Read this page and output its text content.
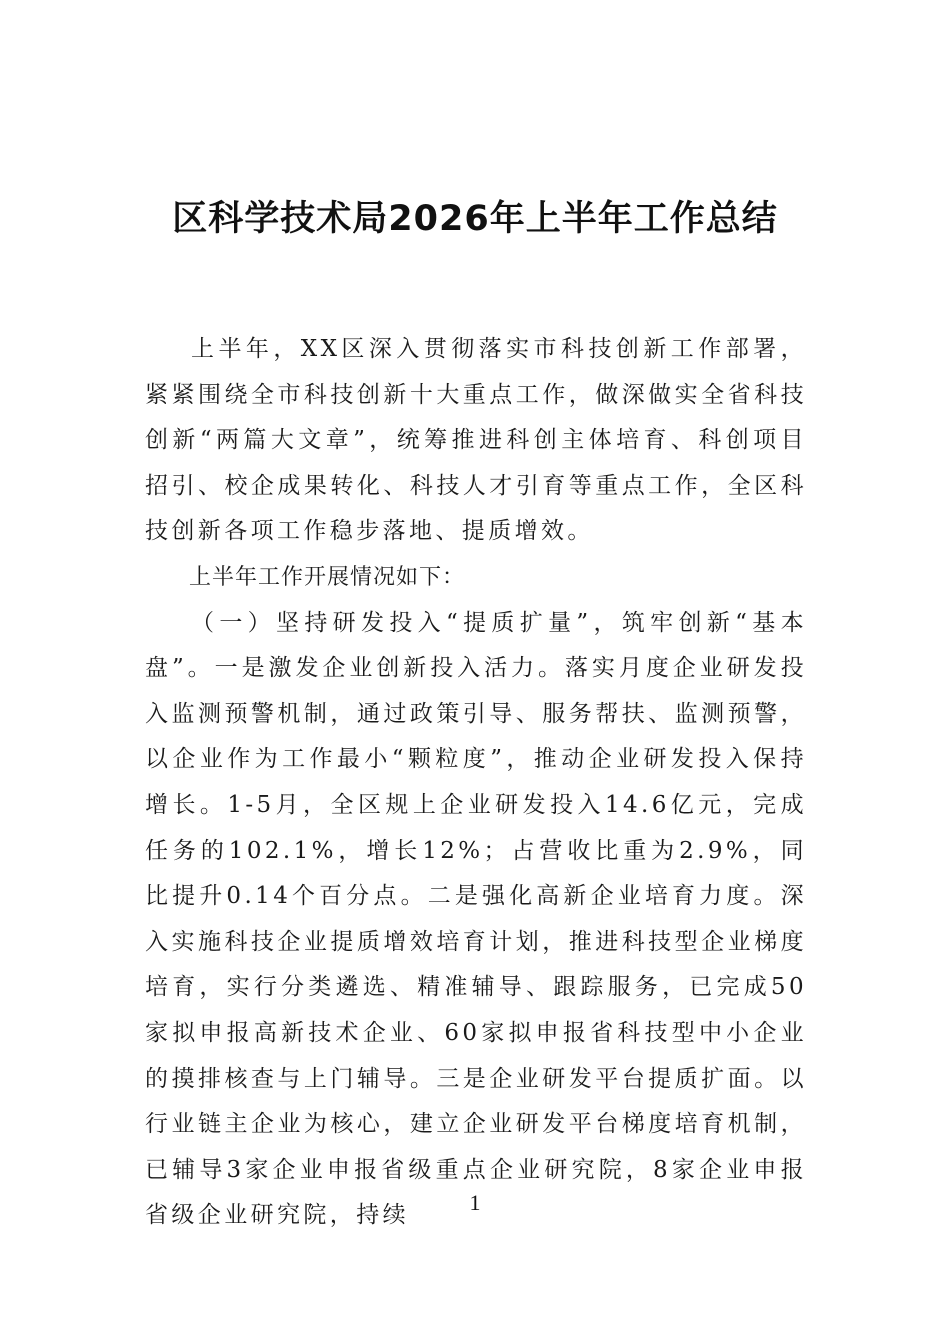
区科学技术局2026年上半年工作总结

上半年，XX区深入贯彻落实市科技创新工作部署，紧紧围绕全市科技创新十大重点工作，做深做实全省科技创新“两篇大文章”，统筹推进科创主体培育、科创项目招引、校企成果转化、科技人才引育等重点工作，全区科技创新各项工作稳步落地、提质增效。

上半年工作开展情况如下：

（一）坚持研发投入“提质扩量”，筑牢创新“基本盘”。一是激发企业创新投入活力。落实月度企业研发投入监测预警机制，通过政策引导、服务帮扶、监测预警，以企业作为工作最小“颗粒度”，推动企业研发投入保持增长。1-5月，全区规上企业研发投入14.6亿元，完成任务的102.1%，增长12%；占营收比重为2.9%，同比提升0.14个百分点。二是强化高新企业培育力度。深入实施科技企业提质增效培育计划，推进科技型企业梯度培育，实行分类遴选、精准辅导、跟踪服务，已完成50家拟申报高新技术企业、60家拟申报省科技型中小企业的摸排核查与上门辅导。三是企业研发平台提质扩面。以行业链主企业为核心，建立企业研发平台梯度培育机制，已辅导3家企业申报省级重点企业研究院，8家企业申报省级企业研究院，持续	1
